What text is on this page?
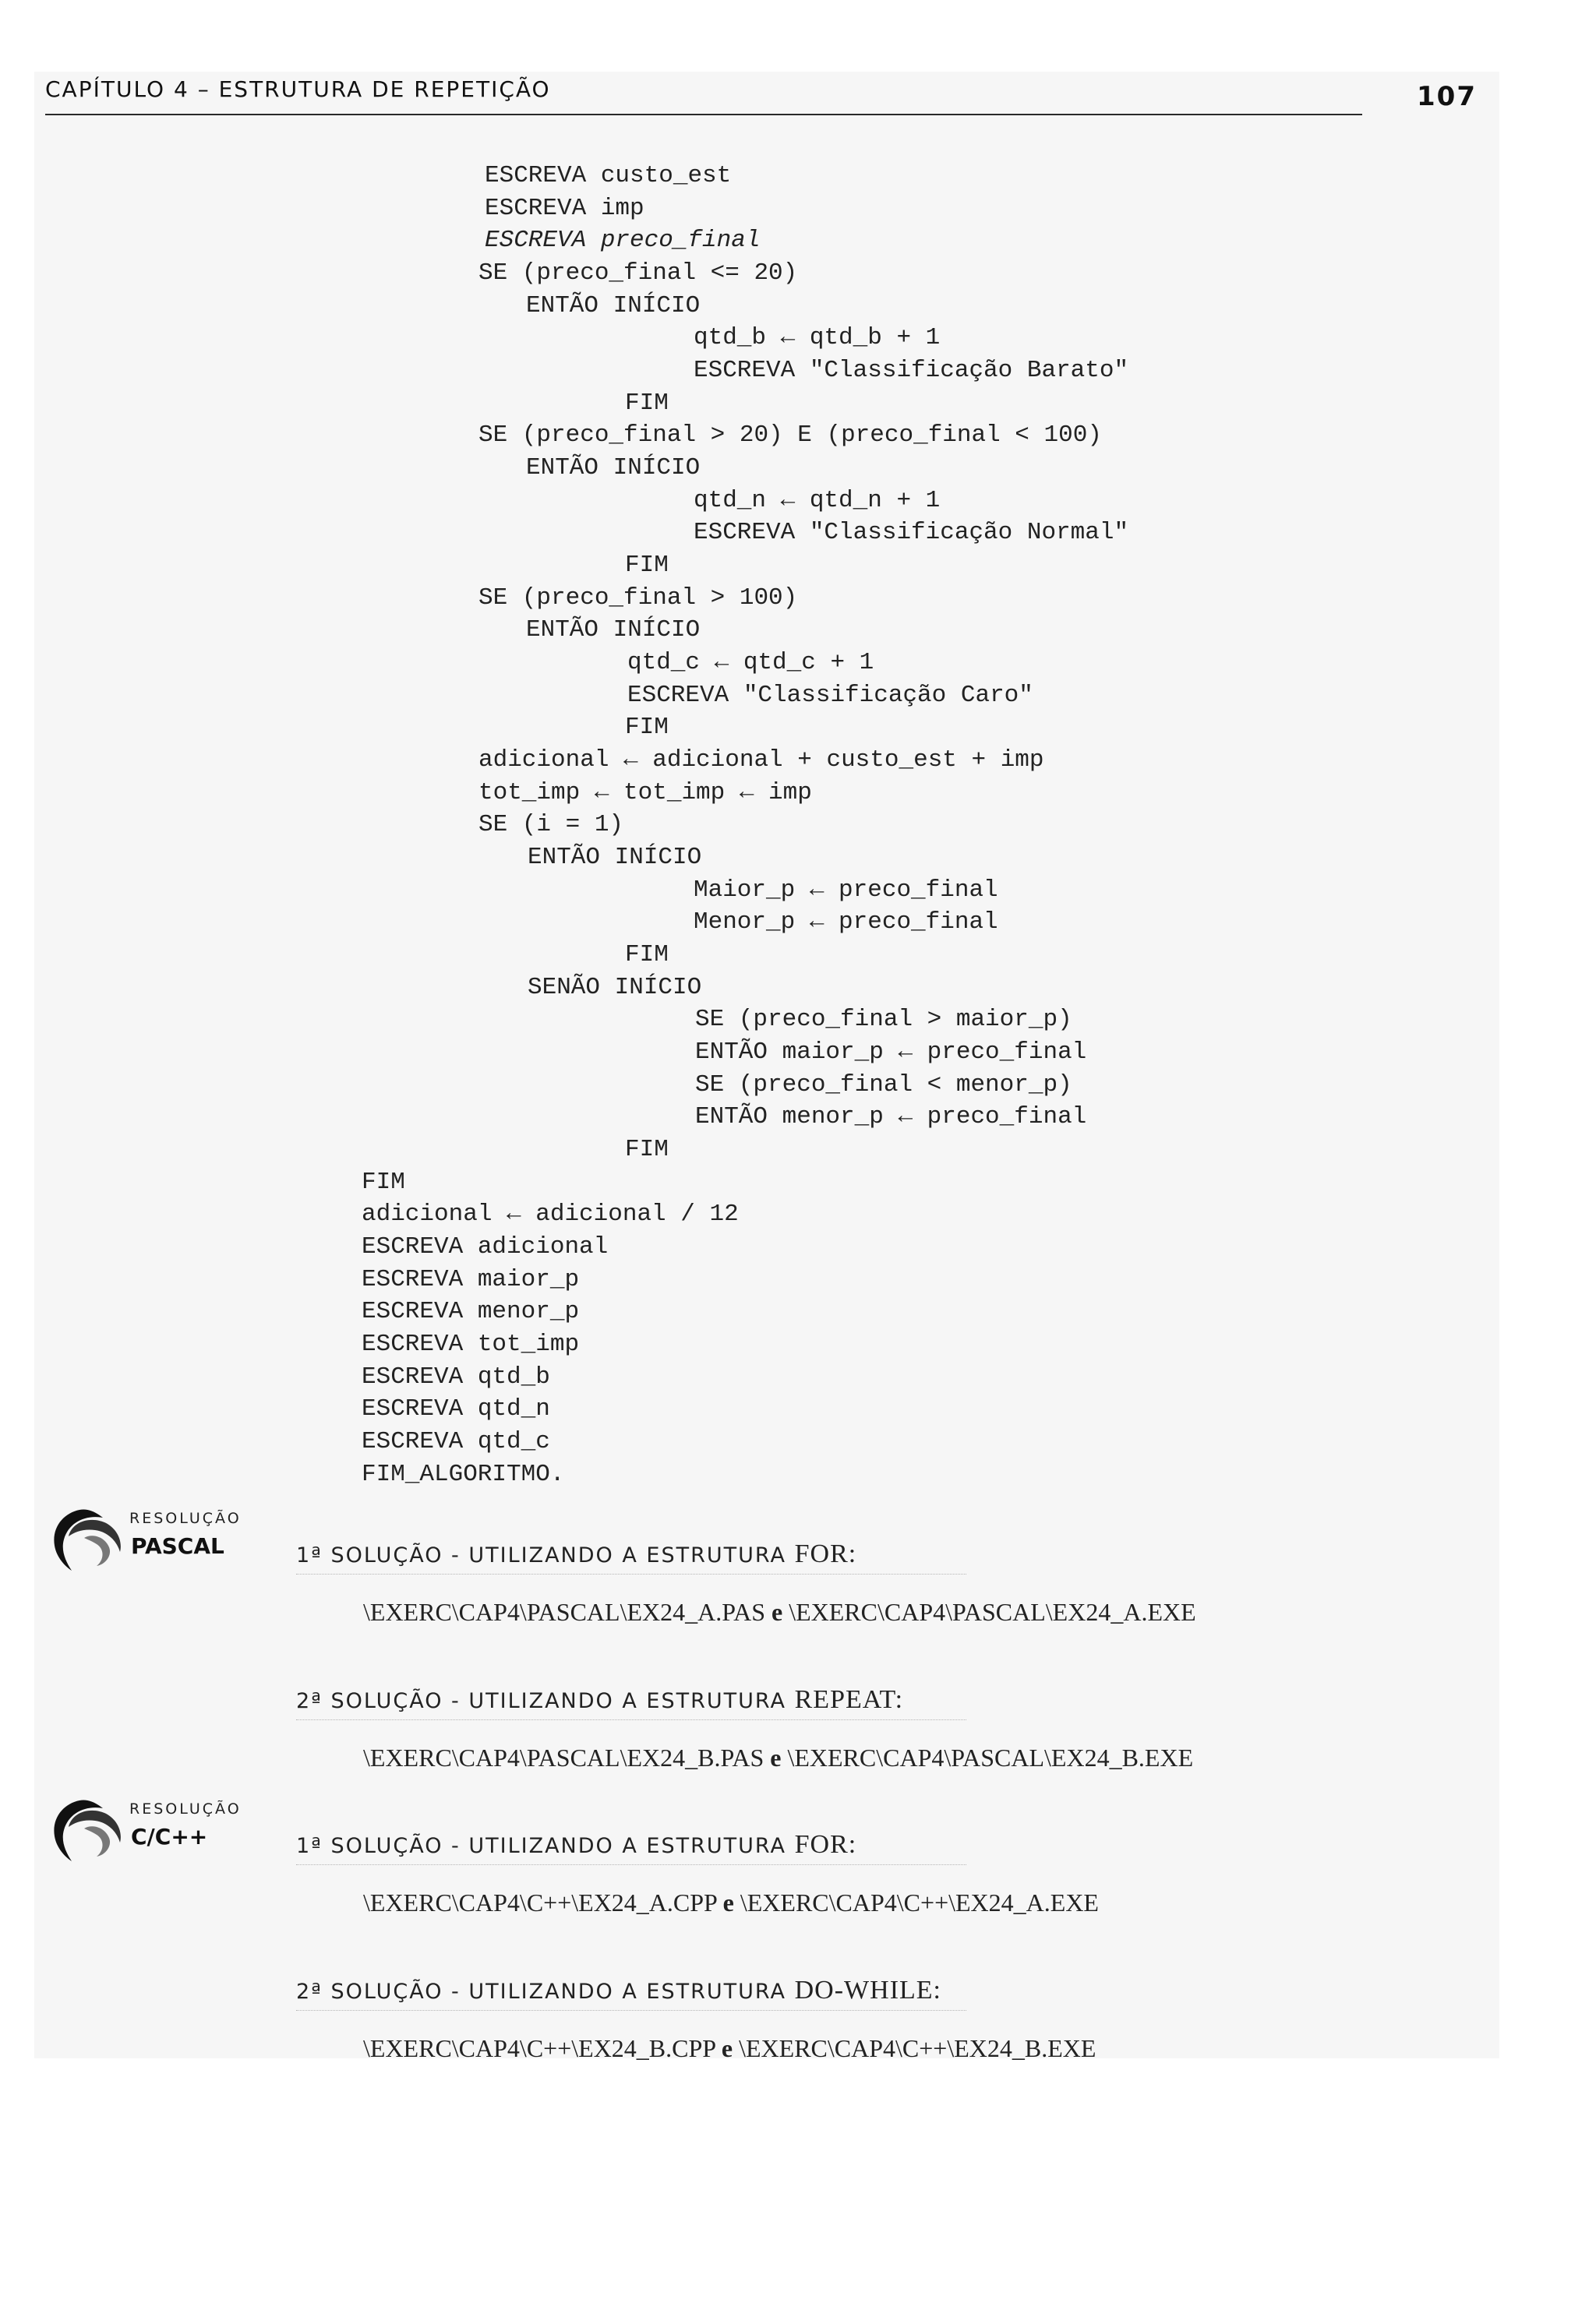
CAPÍTULO 4 – ESTRUTURA DE REPETIÇÃO	107
ESCREVA custo_est
ESCREVA imp
ESCREVA preco_final
SE (preco_final <= 20)
ENTÃO INÍCIO
qtd_b ← qtd_b + 1
ESCREVA "Classificação Barato"
FIM
SE (preco_final > 20) E (preco_final < 100)
ENTÃO INÍCIO
qtd_n ← qtd_n + 1
ESCREVA "Classificação Normal"
FIM
SE (preco_final > 100)
ENTÃO INÍCIO
qtd_c ← qtd_c + 1
ESCREVA "Classificação Caro"
FIM
adicional ← adicional + custo_est + imp
tot_imp ← tot_imp ← imp
SE (i = 1)
ENTÃO INÍCIO
Maior_p ← preco_final
Menor_p ← preco_final
FIM
SENÃO INÍCIO
SE (preco_final > maior_p)
ENTÃO maior_p ← preco_final
SE (preco_final < menor_p)
ENTÃO menor_p ← preco_final
FIM
FIM
adicional ← adicional / 12
ESCREVA adicional
ESCREVA maior_p
ESCREVA menor_p
ESCREVA tot_imp
ESCREVA qtd_b
ESCREVA qtd_n
ESCREVA qtd_c
FIM_ALGORITMO.
RESOLUÇÃO
PASCAL	1ª SOLUÇÃO - UTILIZANDO A ESTRUTURA FOR:
\EXERC\CAP4\PASCAL\EX24_A.PAS e \EXERC\CAP4\PASCAL\EX24_A.EXE
2ª SOLUÇÃO - UTILIZANDO A ESTRUTURA REPEAT:
\EXERC\CAP4\PASCAL\EX24_B.PAS e \EXERC\CAP4\PASCAL\EX24_B.EXE
RESOLUÇÃO
C/C++	1ª SOLUÇÃO - UTILIZANDO A ESTRUTURA FOR:
\EXERC\CAP4\C++\EX24_A.CPP e \EXERC\CAP4\C++\EX24_A.EXE
2ª SOLUÇÃO - UTILIZANDO A ESTRUTURA DO-WHILE:
\EXERC\CAP4\C++\EX24_B.CPP e \EXERC\CAP4\C++\EX24_B.EXE
